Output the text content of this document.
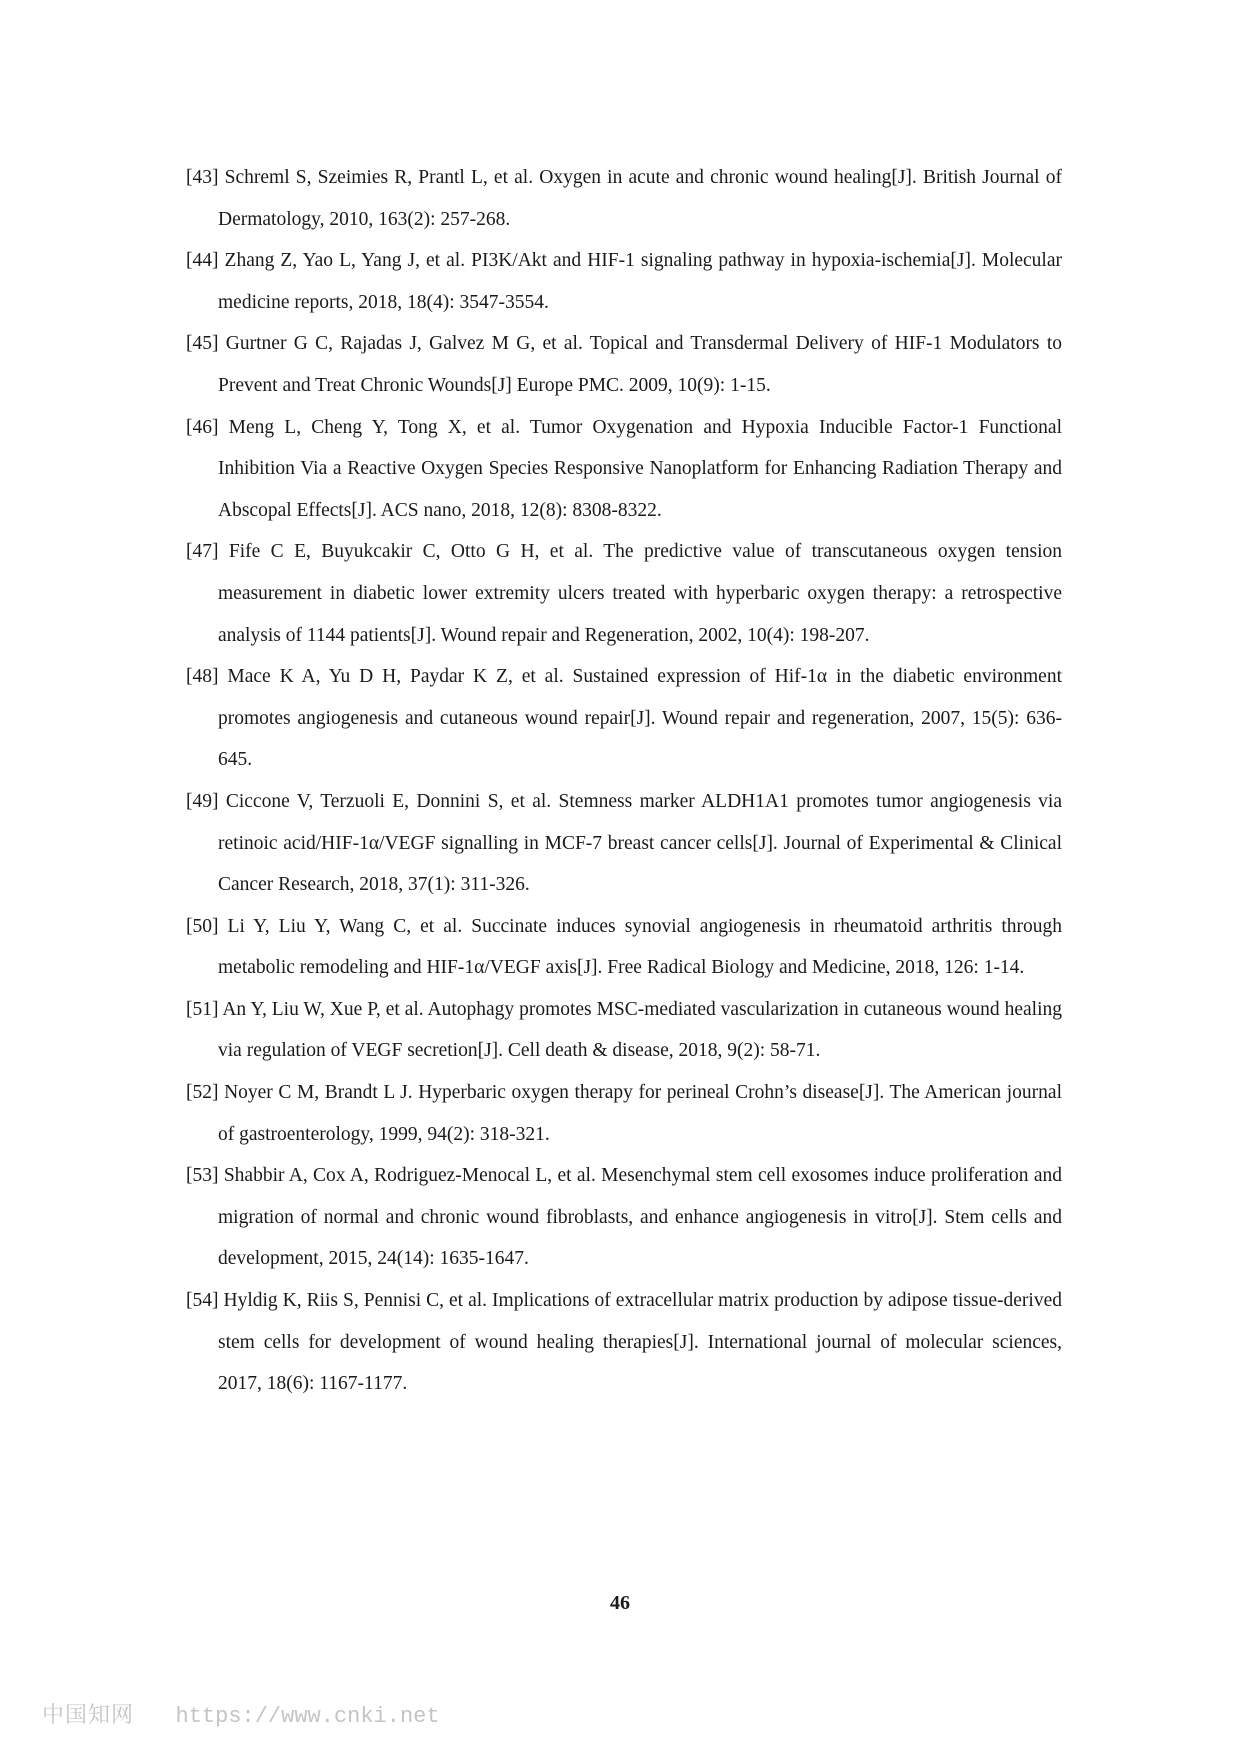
[43] Schreml S, Szeimies R, Prantl L, et al. Oxygen in acute and chronic wound healing[J]. British Journal of Dermatology, 2010, 163(2): 257-268.

[44] Zhang Z, Yao L, Yang J, et al. PI3K/Akt and HIF-1 signaling pathway in hypoxia-ischemia[J]. Molecular medicine reports, 2018, 18(4): 3547-3554.

[45] Gurtner G C, Rajadas J, Galvez M G, et al. Topical and Transdermal Delivery of HIF-1 Modulators to Prevent and Treat Chronic Wounds[J] Europe PMC. 2009, 10(9): 1-15.

[46] Meng L, Cheng Y, Tong X, et al. Tumor Oxygenation and Hypoxia Inducible Factor-1 Functional Inhibition Via a Reactive Oxygen Species Responsive Nanoplatform for Enhancing Radiation Therapy and Abscopal Effects[J]. ACS nano, 2018, 12(8): 8308-8322.

[47] Fife C E, Buyukcakir C, Otto G H, et al. The predictive value of transcutaneous oxygen tension measurement in diabetic lower extremity ulcers treated with hyperbaric oxygen therapy: a retrospective analysis of 1144 patients[J]. Wound repair and Regeneration, 2002, 10(4): 198-207.

[48] Mace K A, Yu D H, Paydar K Z, et al. Sustained expression of Hif-1α in the diabetic environment promotes angiogenesis and cutaneous wound repair[J]. Wound repair and regeneration, 2007, 15(5): 636-645.

[49] Ciccone V, Terzuoli E, Donnini S, et al. Stemness marker ALDH1A1 promotes tumor angiogenesis via retinoic acid/HIF-1α/VEGF signalling in MCF-7 breast cancer cells[J]. Journal of Experimental & Clinical Cancer Research, 2018, 37(1): 311-326.

[50] Li Y, Liu Y, Wang C, et al. Succinate induces synovial angiogenesis in rheumatoid arthritis through metabolic remodeling and HIF-1α/VEGF axis[J]. Free Radical Biology and Medicine, 2018, 126: 1-14.

[51] An Y, Liu W, Xue P, et al. Autophagy promotes MSC-mediated vascularization in cutaneous wound healing via regulation of VEGF secretion[J]. Cell death & disease, 2018, 9(2): 58-71.

[52] Noyer C M, Brandt L J. Hyperbaric oxygen therapy for perineal Crohn’s disease[J]. The American journal of gastroenterology, 1999, 94(2): 318-321.

[53] Shabbir A, Cox A, Rodriguez-Menocal L, et al. Mesenchymal stem cell exosomes induce proliferation and migration of normal and chronic wound fibroblasts, and enhance angiogenesis in vitro[J]. Stem cells and development, 2015, 24(14): 1635-1647.

[54] Hyldig K, Riis S, Pennisi C, et al. Implications of extracellular matrix production by adipose tissue-derived stem cells for development of wound healing therapies[J]. International journal of molecular sciences, 2017, 18(6): 1167-1177.

46
中国知网 https://www.cnki.net
